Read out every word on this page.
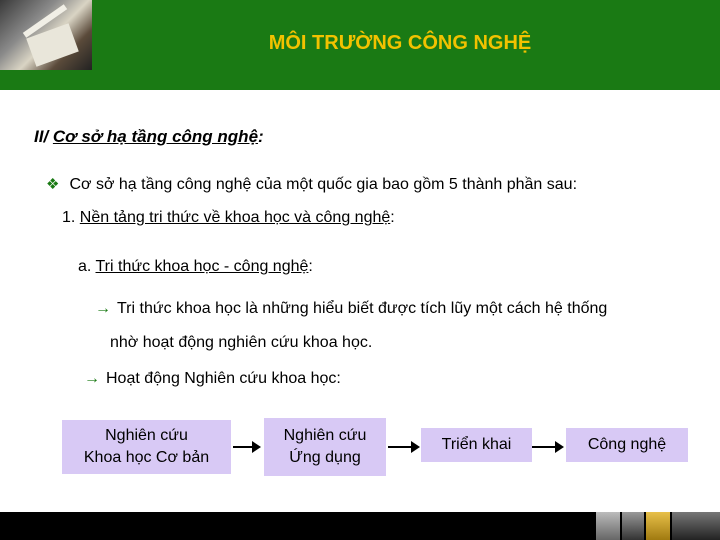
MÔI TRƯỜNG CÔNG NGHỆ
II/ Cơ sở hạ tầng công nghệ:
❖ Cơ sở hạ tầng công nghệ của một quốc gia bao gồm 5 thành phần sau:
1. Nền tảng tri thức về khoa học và công nghệ:
a. Tri thức khoa học - công nghệ:
→ Tri thức khoa học là những hiểu biết được tích lũy một cách hệ thống
nhờ hoạt động nghiên cứu khoa học.
→ Hoạt động Nghiên cứu khoa học:
Nghiên cứu
Khoa học Cơ bản
Nghiên cứu
Ứng dụng
Triển khai	Công nghệ
